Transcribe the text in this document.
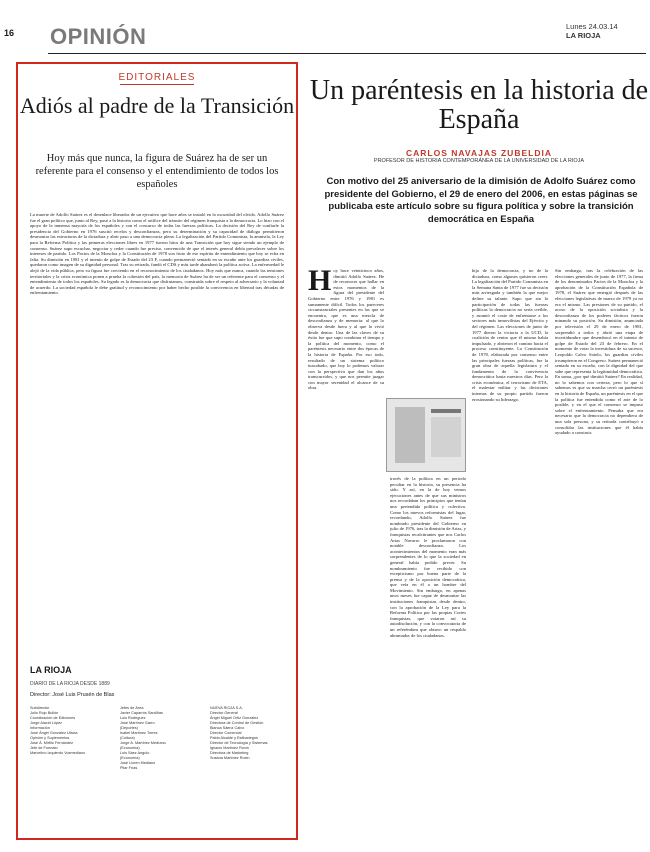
16 OPINIÓN	Lunes 24.03.14
LA RIOJA
EDITORIALES
Adiós al padre de la Transición
Hoy más que nunca, la figura de Suárez ha de ser un referente para el consenso y el entendimiento de todos los españoles
La muerte de Adolfo Suárez es el desenlace liberador de un ejecutivo que hace años se instaló en la oscuridad del olvido. Adolfo Suárez fue el gran político que, junto al Rey, pasó a la historia como el artífice del tránsito del régimen franquista a la democracia. Lo hizo con el apoyo de la inmensa mayoría de los españoles y con el concurso de todas las fuerzas políticas. La decisión del Rey de confiarle la presidencia del Gobierno en 1976 suscitó recelos y desconfianzas, pero su determinación y su capacidad de diálogo permitieron desmontar las estructuras de la dictadura y abrir paso a una democracia plena. La legalización del Partido Comunista, la amnistía, la Ley para la Reforma Política y las primeras elecciones libres en 1977 fueron hitos de una Transición que hoy sigue siendo un ejemplo de consenso. Suárez supo escuchar, negociar y ceder cuando fue preciso, convencido de que el interés general debía prevalecer sobre los intereses de partido. Los Pactos de la Moncloa y la Constitución de 1978 son fruto de ese espíritu de entendimiento que hoy se echa en falta. Su dimisión en 1981 y el intento de golpe de Estado del 23 F, cuando permaneció sentado en su escaño ante los guardias civiles, quedaron como imagen de su dignidad personal. Tras su retirada, fundó el CDS y más tarde abandonó la política activa. La enfermedad le alejó de la vida pública, pero su figura fue creciendo en el reconocimiento de los ciudadanos. Hoy más que nunca, cuando las tensiones territoriales y la crisis económica ponen a prueba la cohesión del país, la memoria de Suárez ha de ser un referente para el consenso y el entendimiento de todos los españoles. Su legado es la democracia que disfrutamos, construida sobre el respeto al adversario y la voluntad de acuerdo. La sociedad española le debe gratitud y reconocimiento por haber hecho posible la convivencia en libertad tras décadas de enfrentamiento.
LA RIOJA
DIARIO DE LA RIOJA DESDE 1889
Director: José Luis Prusén de Blas
Subdirector
Julio Rojo Bullón
Coordinación de Ediciones
Jorge Alacid López
Información
José Ángel González Ulacia
Opinión y Suplementos
José Á. Mirfilo Fernández
Jefe de Formato
Marcelino Izquierdo Vozmediano
Jefes de Área
Javier Caparrós Sardiñas
Luis Rodríguez
José Martínez Garro
(Deportes)
Isabel Martínez Torres
(Cultura)
Jorge A. Martínez Medrano
(Economía)
Luis Sáez Angulo
(Economía)
José Lloren Mediano
Pilar Frías
NUEVA RIOJA S.A.
Director General
Ángel Miguel Ortiz González
Directora de Control de Gestión
Blanca Sáenz Calvo
Director Comercial
Pablo Alcalde y Estibariegos
Director de Tecnología y Sistemas
Ignacio Martínez Roxin
Directora de Marketing
Susana Martínez Roxin
Un paréntesis en la historia de España
CARLOS NAVAJAS ZUBELDIA
PROFESOR DE HISTORIA CONTEMPORÁNEA DE LA UNIVERSIDAD DE LA RIOJA
Con motivo del 25 aniversario de la dimisión de Adolfo Suárez como presidente del Gobierno, el 29 de enero del 2006, en estas páginas se publicaba este artículo sobre su figura política y sobre la transición democrática en España
Hoy hace veinticinco años, dimitió Adolfo Suárez. He de reconocer que hallar en estos momentos de la figura del presidente del Gobierno entre 1976 y 1981 es sumamente difícil. Todos los pareceres circunstanciales presentes en las que se encuentra, que es una mezcla de desconfianza y de memoria: al que lo observa desde fuera y al que lo vivió desde dentro. Una de las claves de su éxito fue que supo combinar el tiempo y la política del momento, como el paréntesis necesario entre dos épocas de la historia de España. Por eso todo, resultado de un sistema político inacabado, que hoy lo podemos valorar con la perspectiva que dan los años transcurridos, y que nos permite juzgar con mayor serenidad el alcance de su obra.
hijo de la democracia, y no de la dictadura, como algunos quisieron creer. La legalización del Partido Comunista en la Semana Santa de 1977 fue su decisión más arriesgada y también la que mejor define su talante. Supo que sin la participación de todas las fuerzas políticas la democracia no sería creíble, y asumió el coste de enfrentarse a los sectores más inmovilistas del Ejército y del régimen. Las elecciones de junio de 1977 dieron la victoria a la UCD, la coalición de centro que él mismo había impulsado, y abrieron el camino hacia el proceso constituyente. La Constitución de 1978, elaborada por consenso entre las principales fuerzas políticas, fue la gran obra de aquella legislatura y el fundamento de la convivencia democrática hasta nuestros días. Pero la crisis económica, el terrorismo de ETA, el malestar militar y las divisiones internas de su propio partido fueron erosionando su liderazgo.
Sin embargo, tras la celebración de las elecciones generales de junio de 1977, la firma de los denominados Pactos de la Moncloa y la aprobación de la Constitución Española de 1978, el Suárez que emergió después de las elecciones legislativas de marzo de 1979 ya no era el mismo. Las presiones de su partido, el acoso de la oposición socialista y la desconfianza de los poderes fácticos fueron minando su posición. Su dimisión, anunciada por televisión el 29 de enero de 1981, sorprendió a todos y abrió una etapa de incertidumbre que desembocó en el intento de golpe de Estado del 23 de febrero. En el momento de votar la investidura de su sucesor, Leopoldo Calvo Sotelo, los guardias civiles irrumpieron en el Congreso. Suárez permaneció sentado en su escaño, con la dignidad del que sabe que representa la legitimidad democrática. En suma, ¿por qué dimitió Suárez? En realidad, no lo sabemos con certeza, pero lo que sí sabemos es que su marcha cerró un paréntesis en la historia de España, un paréntesis en el que la política fue entendida como el arte de lo posible, y en el que el consenso se impuso sobre el enfrentamiento. Pensaba que era necesario que la democracia no dependiera de una sola persona, y su retirada contribuyó a consolidar las instituciones que él había ayudado a construir.
través de la política en un periodo peculiar en la historia, su presencia ha sido. Y así, en la de hoy vemos ejecuciones antes de que sus ministros nos recordaban los principios que tenían una pretendida política y colectiva. Como los nuevos reformistas del lugar, recordando, Adolfo Suárez fue nombrado presidente del Gobierno en julio de 1976, tras la dimisión de Arias, y franquistas recalcitrantes que nos Carlos Arias Navarro le proclamaron con notable desconfianza. Los acontecimientos del momento eran más sorprendentes de lo que la sociedad en general había podido prever. Su nombramiento fue recibido con escepticismo por buena parte de la prensa y de la oposición democrática, que veía en él a un hombre del Movimiento. Sin embargo, en apenas unos meses fue capaz de desmontar las instituciones franquistas desde dentro, con la aprobación de la Ley para la Reforma Política por las propias Cortes franquistas, que votaron así su autodisolución, y con la convocatoria de un referéndum que obtuvo un respaldo abrumador de los ciudadanos.
